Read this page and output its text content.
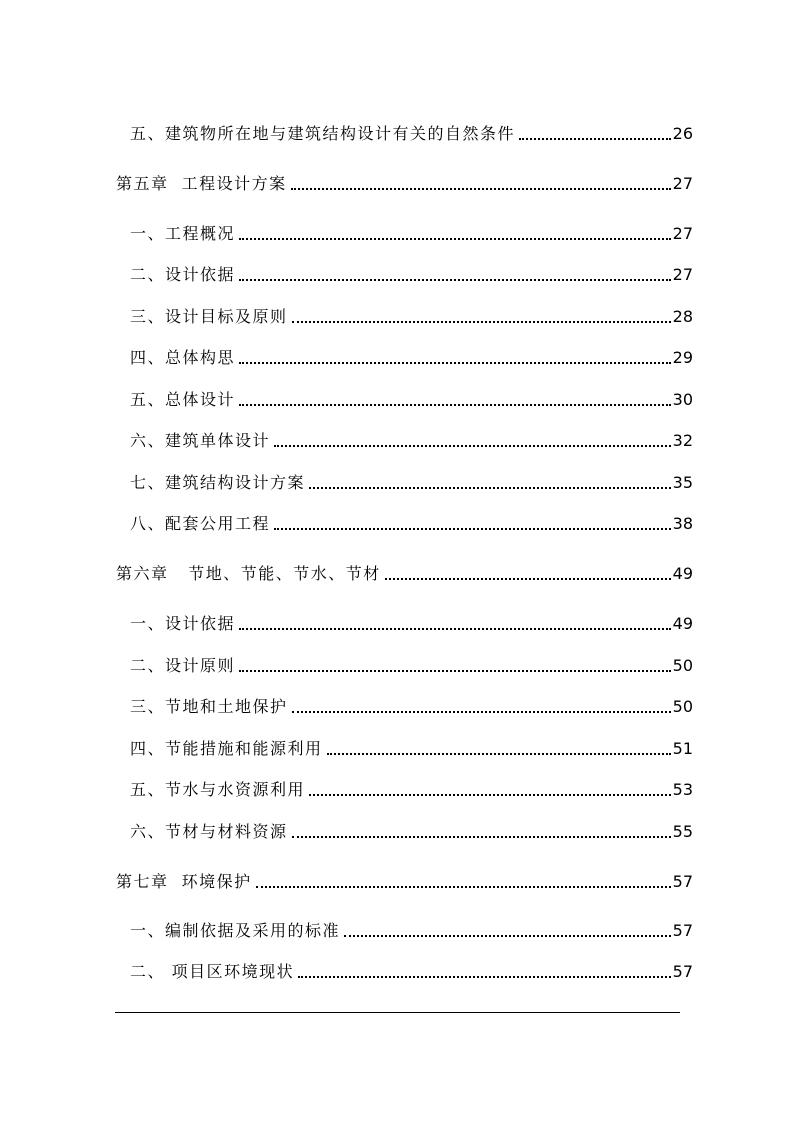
五、建筑物所在地与建筑结构设计有关的自然条件	26
第五章  工程设计方案	27
一、工程概况	27
二、设计依据	27
三、设计目标及原则	28
四、总体构思	29
五、总体设计	30
六、建筑单体设计	32
七、建筑结构设计方案	35
八、配套公用工程	38
第六章   节地、节能、节水、节材	49
一、设计依据	49
二、设计原则	50
三、节地和土地保护	50
四、节能措施和能源利用	51
五、节水与水资源利用	53
六、节材与材料资源	55
第七章  环境保护	57
一、编制依据及采用的标准	57
二、 项目区环境现状	57
